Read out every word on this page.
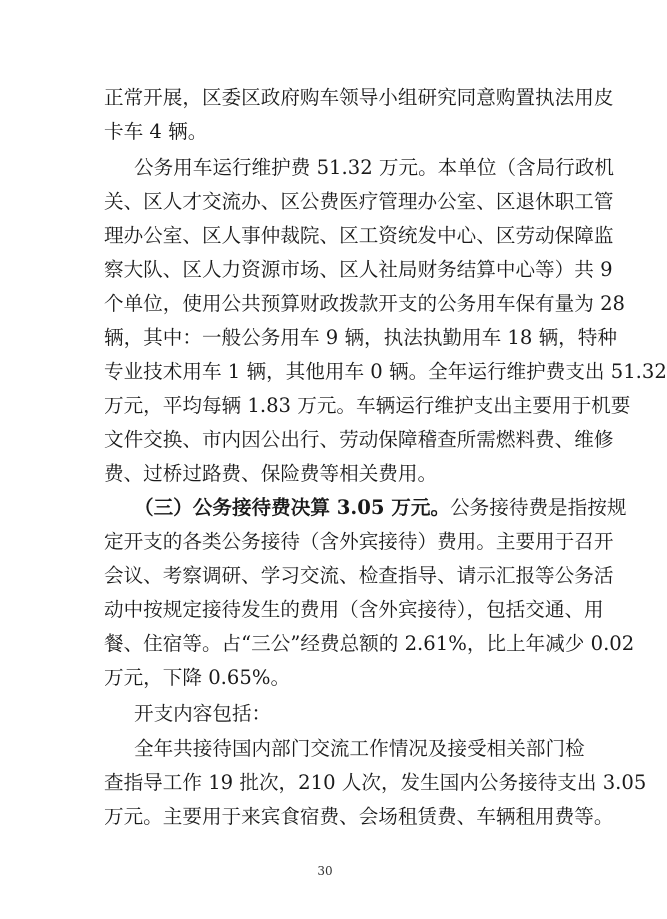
正常开展，区委区政府购车领导小组研究同意购置执法用皮
卡车 4 辆。
公务用车运行维护费 51.32 万元。本单位（含局行政机
关、区人才交流办、区公费医疗管理办公室、区退休职工管
理办公室、区人事仲裁院、区工资统发中心、区劳动保障监
察大队、区人力资源市场、区人社局财务结算中心等）共 9
个单位，使用公共预算财政拨款开支的公务用车保有量为 28
辆，其中：一般公务用车 9 辆，执法执勤用车 18 辆，特种
专业技术用车 1 辆，其他用车 0 辆。全年运行维护费支出 51.32
万元，平均每辆 1.83 万元。车辆运行维护支出主要用于机要
文件交换、市内因公出行、劳动保障稽查所需燃料费、维修
费、过桥过路费、保险费等相关费用。
（三）公务接待费决算 3.05 万元。公务接待费是指按规
定开支的各类公务接待（含外宾接待）费用。主要用于召开
会议、考察调研、学习交流、检查指导、请示汇报等公务活
动中按规定接待发生的费用（含外宾接待），包括交通、用
餐、住宿等。占“三公”经费总额的 2.61%，比上年减少 0.02
万元，下降 0.65%。
开支内容包括：
全年共接待国内部门交流工作情况及接受相关部门检
查指导工作 19 批次，210 人次，发生国内公务接待支出 3.05
万元。主要用于来宾食宿费、会场租赁费、车辆租用费等。
30
